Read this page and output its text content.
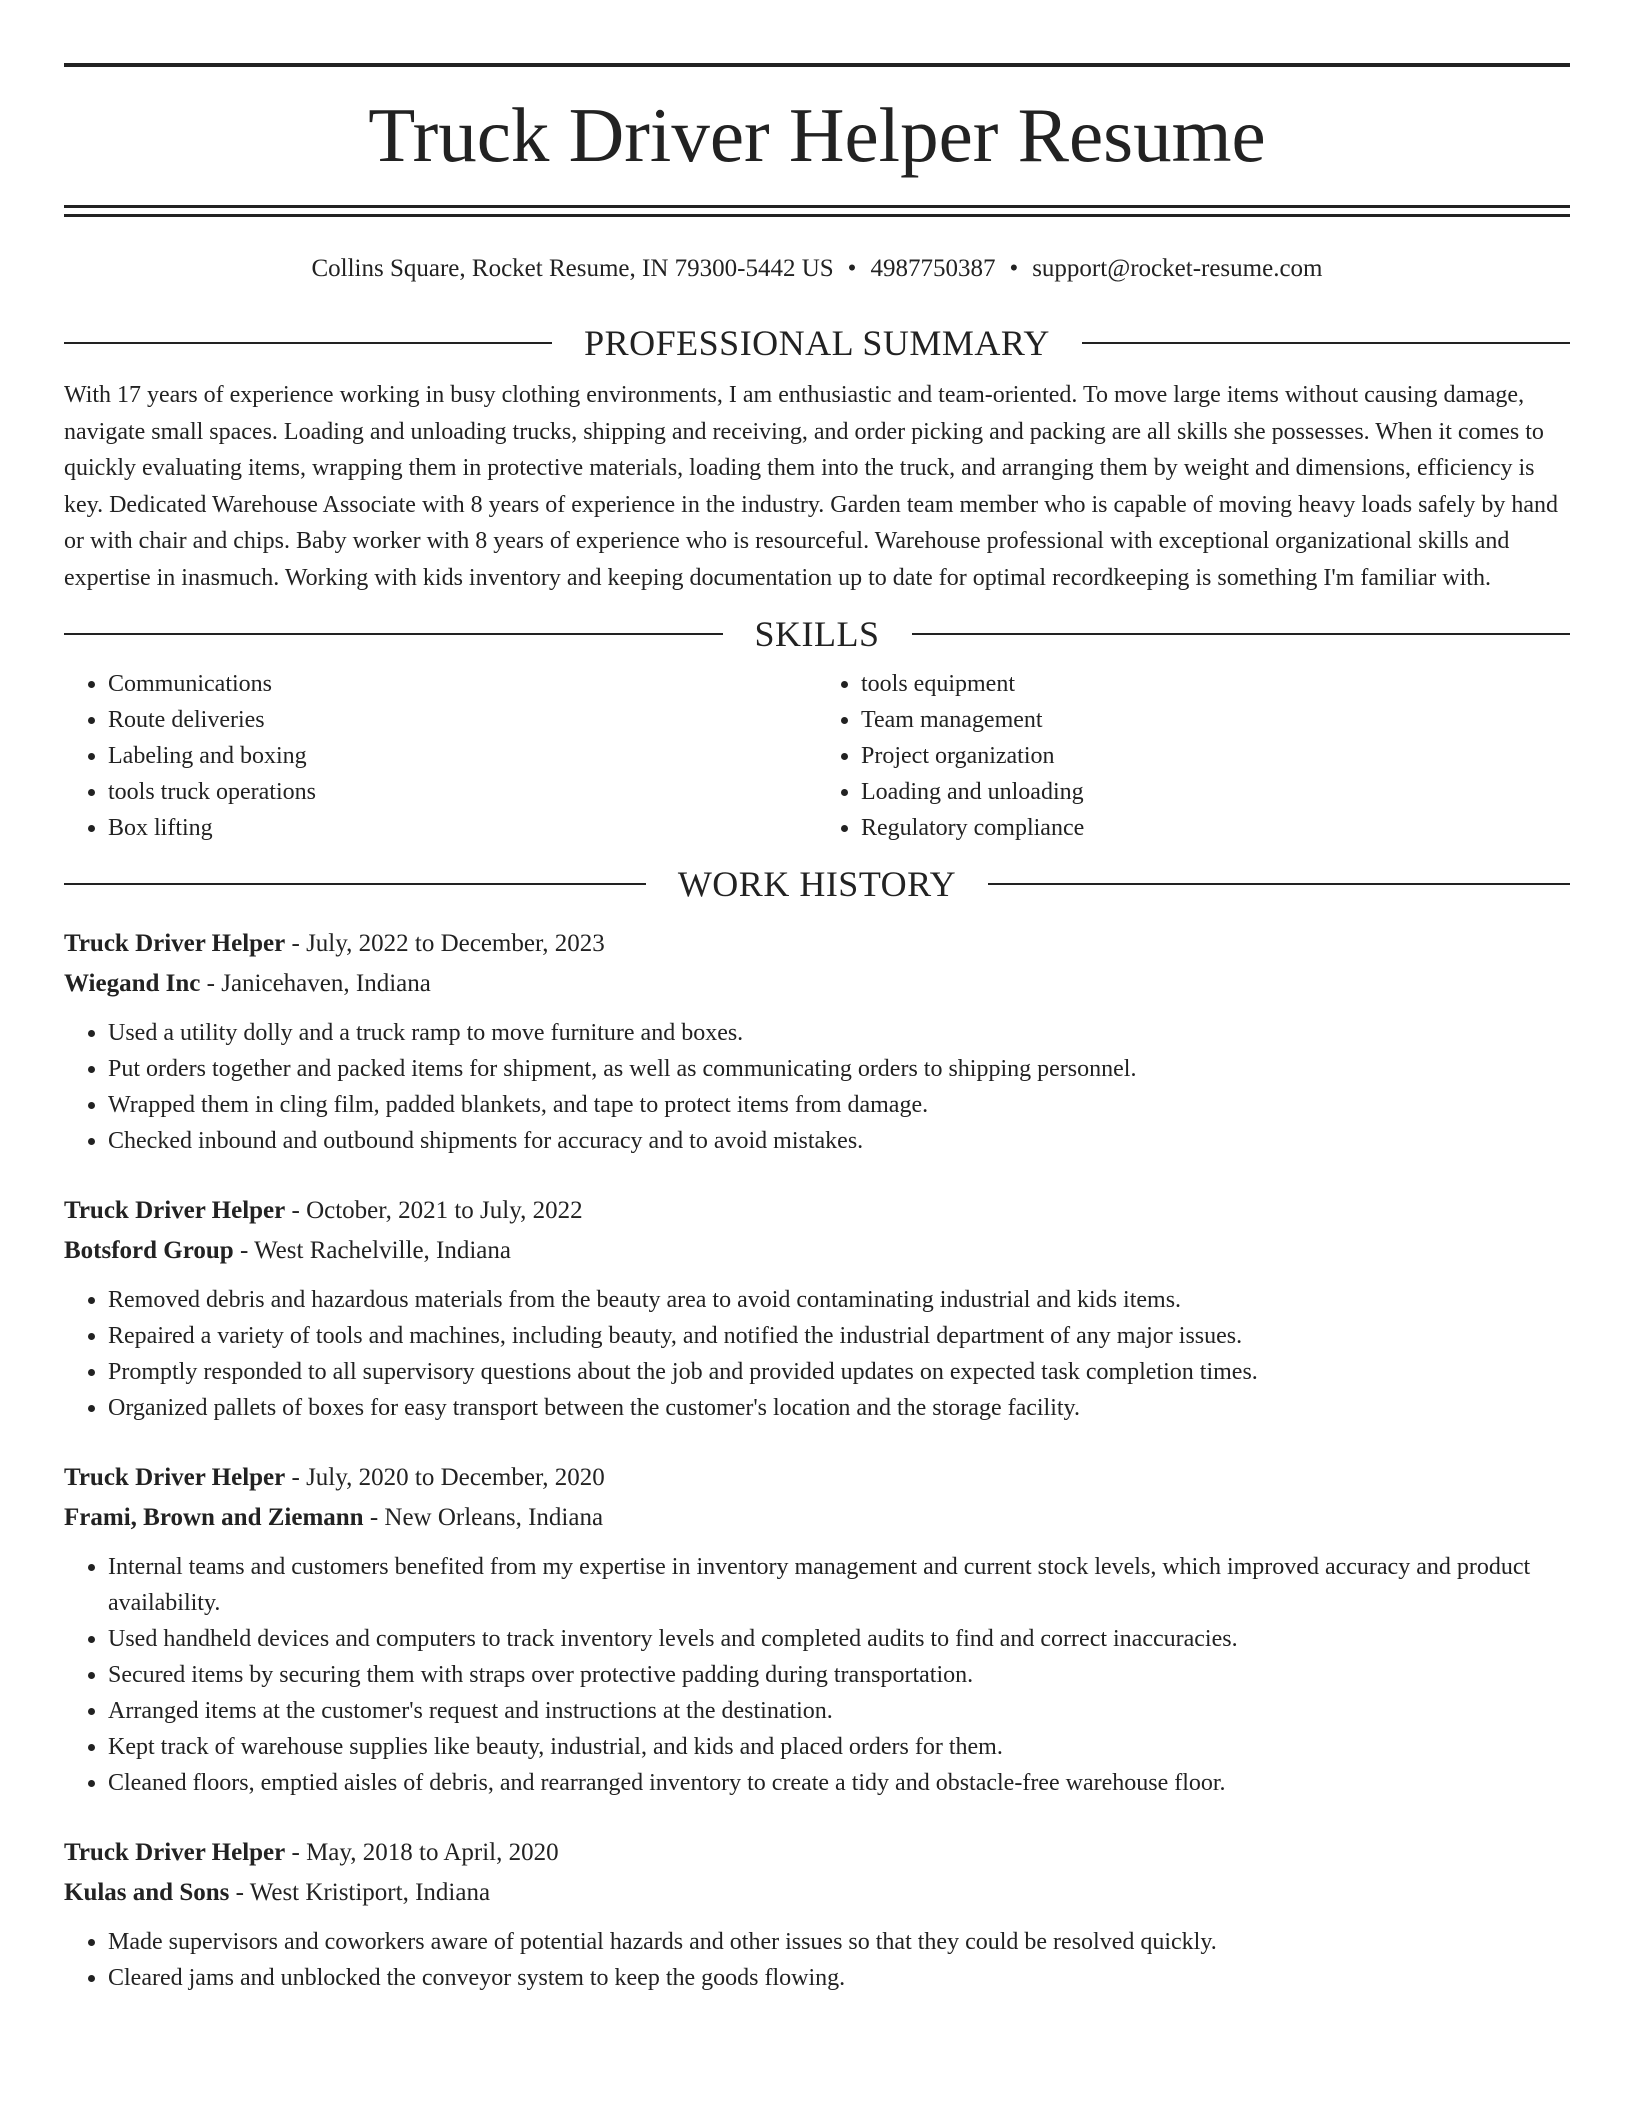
Truck Driver Helper Resume
Collins Square, Rocket Resume, IN 79300-5442 US • 4987750387 • support@rocket-resume.com
PROFESSIONAL SUMMARY

With 17 years of experience working in busy clothing environments, I am enthusiastic and team-oriented. To move large items without causing damage, navigate small spaces. Loading and unloading trucks, shipping and receiving, and order picking and packing are all skills she possesses. When it comes to quickly evaluating items, wrapping them in protective materials, loading them into the truck, and arranging them by weight and dimensions, efficiency is key. Dedicated Warehouse Associate with 8 years of experience in the industry. Garden team member who is capable of moving heavy loads safely by hand or with chair and chips. Baby worker with 8 years of experience who is resourceful. Warehouse professional with exceptional organizational skills and expertise in inasmuch. Working with kids inventory and keeping documentation up to date for optimal recordkeeping is something I'm familiar with.

SKILLS
• Communications
• Route deliveries
• Labeling and boxing
• tools truck operations
• Box lifting
• tools equipment
• Team management
• Project organization
• Loading and unloading
• Regulatory compliance
WORK HISTORY
Truck Driver Helper - July, 2022 to December, 2023
Wiegand Inc - Janicehaven, Indiana
• Used a utility dolly and a truck ramp to move furniture and boxes.
• Put orders together and packed items for shipment, as well as communicating orders to shipping personnel.
• Wrapped them in cling film, padded blankets, and tape to protect items from damage.
• Checked inbound and outbound shipments for accuracy and to avoid mistakes.
Truck Driver Helper - October, 2021 to July, 2022
Botsford Group - West Rachelville, Indiana
• Removed debris and hazardous materials from the beauty area to avoid contaminating industrial and kids items.
• Repaired a variety of tools and machines, including beauty, and notified the industrial department of any major issues.
• Promptly responded to all supervisory questions about the job and provided updates on expected task completion times.
• Organized pallets of boxes for easy transport between the customer's location and the storage facility.
Truck Driver Helper - July, 2020 to December, 2020
Frami, Brown and Ziemann - New Orleans, Indiana
• Internal teams and customers benefited from my expertise in inventory management and current stock levels, which improved accuracy and product availability.
• Used handheld devices and computers to track inventory levels and completed audits to find and correct inaccuracies.
• Secured items by securing them with straps over protective padding during transportation.
• Arranged items at the customer's request and instructions at the destination.
• Kept track of warehouse supplies like beauty, industrial, and kids and placed orders for them.
• Cleaned floors, emptied aisles of debris, and rearranged inventory to create a tidy and obstacle-free warehouse floor.
Truck Driver Helper - May, 2018 to April, 2020
Kulas and Sons - West Kristiport, Indiana
• Made supervisors and coworkers aware of potential hazards and other issues so that they could be resolved quickly.
• Cleared jams and unblocked the conveyor system to keep the goods flowing.
